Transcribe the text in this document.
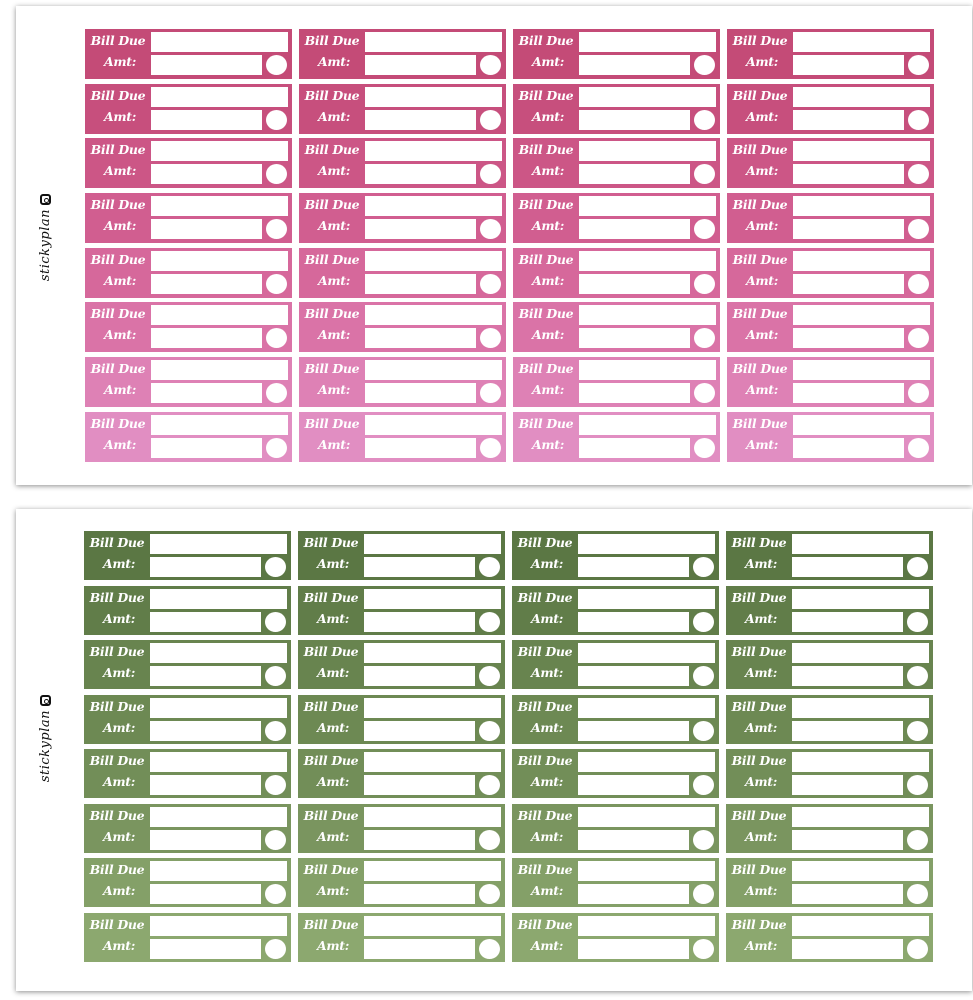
stickyplan
Bill Due
Amt:
Bill Due
Amt:
Bill Due
Amt:
Bill Due
Amt:
Bill Due
Amt:
Bill Due
Amt:
Bill Due
Amt:
Bill Due
Amt:
Bill Due
Amt:
Bill Due
Amt:
Bill Due
Amt:
Bill Due
Amt:
Bill Due
Amt:
Bill Due
Amt:
Bill Due
Amt:
Bill Due
Amt:
Bill Due
Amt:
Bill Due
Amt:
Bill Due
Amt:
Bill Due
Amt:
Bill Due
Amt:
Bill Due
Amt:
Bill Due
Amt:
Bill Due
Amt:
Bill Due
Amt:
Bill Due
Amt:
Bill Due
Amt:
Bill Due
Amt:
Bill Due
Amt:
Bill Due
Amt:
Bill Due
Amt:
Bill Due
Amt:
stickyplan
Bill Due
Amt:
Bill Due
Amt:
Bill Due
Amt:
Bill Due
Amt:
Bill Due
Amt:
Bill Due
Amt:
Bill Due
Amt:
Bill Due
Amt:
Bill Due
Amt:
Bill Due
Amt:
Bill Due
Amt:
Bill Due
Amt:
Bill Due
Amt:
Bill Due
Amt:
Bill Due
Amt:
Bill Due
Amt:
Bill Due
Amt:
Bill Due
Amt:
Bill Due
Amt:
Bill Due
Amt:
Bill Due
Amt:
Bill Due
Amt:
Bill Due
Amt:
Bill Due
Amt:
Bill Due
Amt:
Bill Due
Amt:
Bill Due
Amt:
Bill Due
Amt:
Bill Due
Amt:
Bill Due
Amt:
Bill Due
Amt:
Bill Due
Amt:
